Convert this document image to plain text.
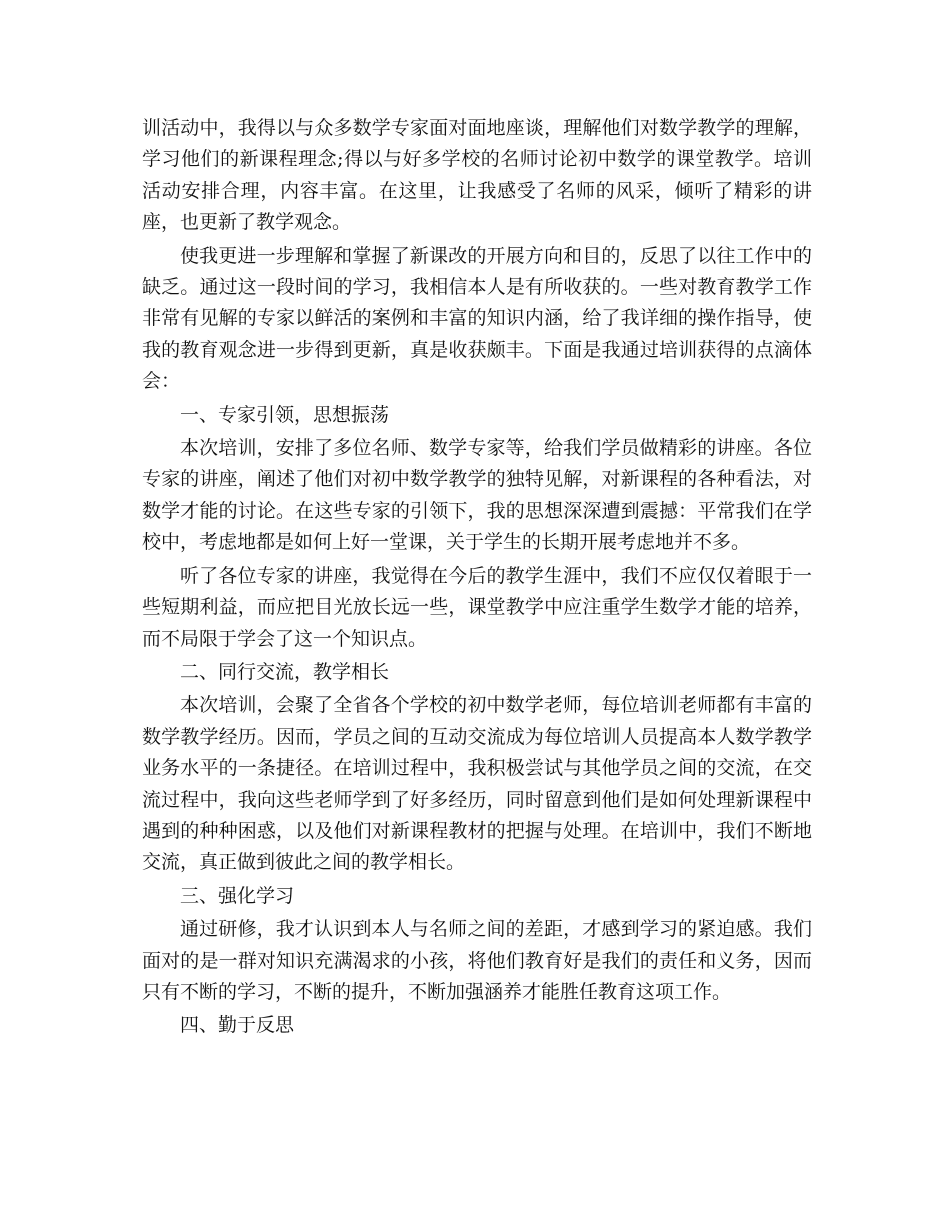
训活动中，我得以与众多数学专家面对面地座谈，理解他们对数学教学的理解，学习他们的新课程理念;得以与好多学校的名师讨论初中数学的课堂教学。培训活动安排合理，内容丰富。在这里，让我感受了名师的风采，倾听了精彩的讲座，也更新了教学观念。

使我更进一步理解和掌握了新课改的开展方向和目的，反思了以往工作中的缺乏。通过这一段时间的学习，我相信本人是有所收获的。一些对教育教学工作非常有见解的专家以鲜活的案例和丰富的知识内涵，给了我详细的操作指导，使我的教育观念进一步得到更新，真是收获颇丰。下面是我通过培训获得的点滴体会：

一、专家引领，思想振荡

本次培训，安排了多位名师、数学专家等，给我们学员做精彩的讲座。各位专家的讲座，阐述了他们对初中数学教学的独特见解，对新课程的各种看法，对数学才能的讨论。在这些专家的引领下，我的思想深深遭到震撼：平常我们在学校中，考虑地都是如何上好一堂课，关于学生的长期开展考虑地并不多。

听了各位专家的讲座，我觉得在今后的教学生涯中，我们不应仅仅着眼于一些短期利益，而应把目光放长远一些，课堂教学中应注重学生数学才能的培养，而不局限于学会了这一个知识点。

二、同行交流，教学相长

本次培训，会聚了全省各个学校的初中数学老师，每位培训老师都有丰富的数学教学经历。因而，学员之间的互动交流成为每位培训人员提高本人数学教学业务水平的一条捷径。在培训过程中，我积极尝试与其他学员之间的交流，在交流过程中，我向这些老师学到了好多经历，同时留意到他们是如何处理新课程中遇到的种种困惑，以及他们对新课程教材的把握与处理。在培训中，我们不断地交流，真正做到彼此之间的教学相长。

三、强化学习

通过研修，我才认识到本人与名师之间的差距，才感到学习的紧迫感。我们面对的是一群对知识充满渴求的小孩，将他们教育好是我们的责任和义务，因而只有不断的学习，不断的提升，不断加强涵养才能胜任教育这项工作。

四、勤于反思
